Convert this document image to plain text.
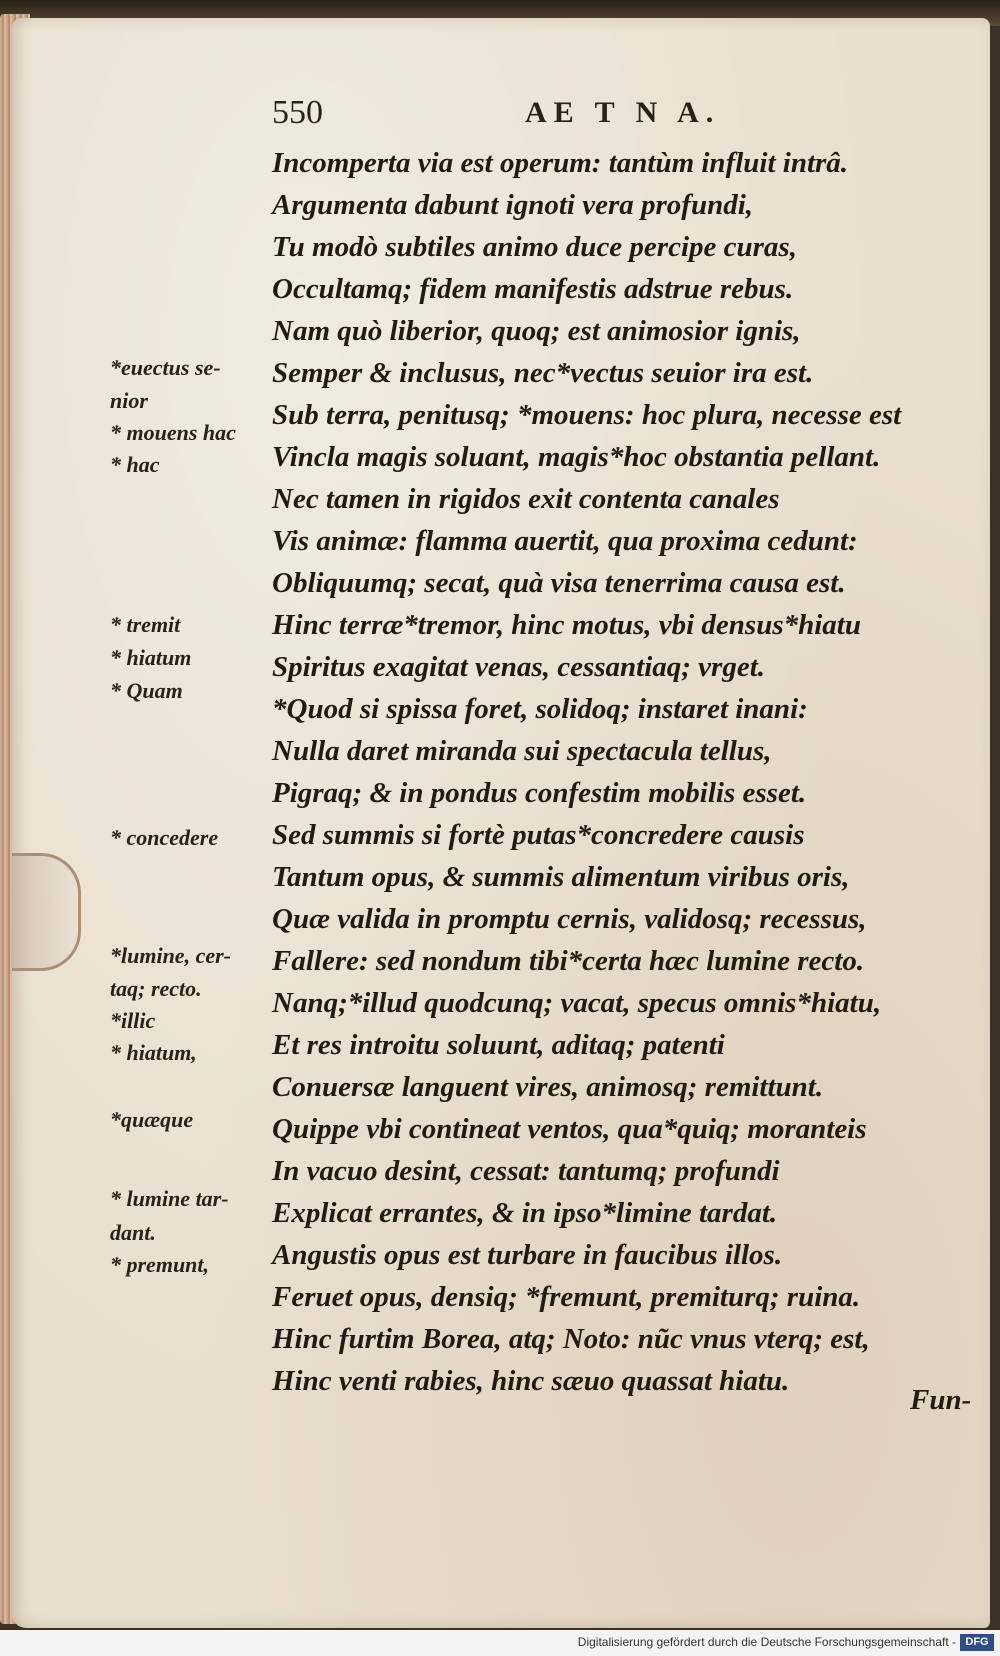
550	AE T N A.
Incomperta via est operum: tantùm influit intrâ.
Argumenta dabunt ignoti vera profundi,
Tu modò subtiles animo duce percipe curas,
Occultamq; fidem manifestis adstrue rebus.
Nam quò liberior, quoq; est animosior ignis,
Semper & inclusus, nec*vectus seuior ira est.
Sub terra, penitusq; *mouens: hoc plura, necesse est
Vincla magis soluant, magis*hoc obstantia pellant.
Nec tamen in rigidos exit contenta canales
Vis animæ: flamma auertit, qua proxima cedunt:
Obliquumq; secat, quà visa tenerrima causa est.
Hinc terræ*tremor, hinc motus, vbi densus*hiatu
Spiritus exagitat venas, cessantiaq; vrget.
*Quod si spissa foret, solidoq; instaret inani:
Nulla daret miranda sui spectacula tellus,
Pigraq; & in pondus confestim mobilis esset.
Sed summis si fortè putas*concredere causis
Tantum opus, & summis alimentum viribus oris,
Quæ valida in promptu cernis, validosq; recessus,
Fallere: sed nondum tibi*certa hæc lumine recto.
Nanq;*illud quodcunq; vacat, specus omnis*hiatu,
Et res introitu soluunt, aditaq; patenti
Conuersæ languent vires, animosq; remittunt.
Quippe vbi contineat ventos, qua*quiq; moranteis
In vacuo desint, cessat: tantumq; profundi
Explicat errantes, & in ipso*limine tardat.
Angustis opus est turbare in faucibus illos.
Feruet opus, densiq; *fremunt, premiturq; ruina.
Hinc furtim Borea, atq; Noto: nũc vnus vterq; est,
Hinc venti rabies, hinc sæuo quassat hiatu.
*euectus se-
nior
* mouens hac
* hac
* tremit
* hiatum
* Quam
* concedere
*lumine, cer-
taq; recto.
*illic
* hiatum,
*quæque
* lumine tar-
dant.
* premunt,
Fun-
Digitalisierung gefördert durch die Deutsche Forschungsgemeinschaft - DFG
